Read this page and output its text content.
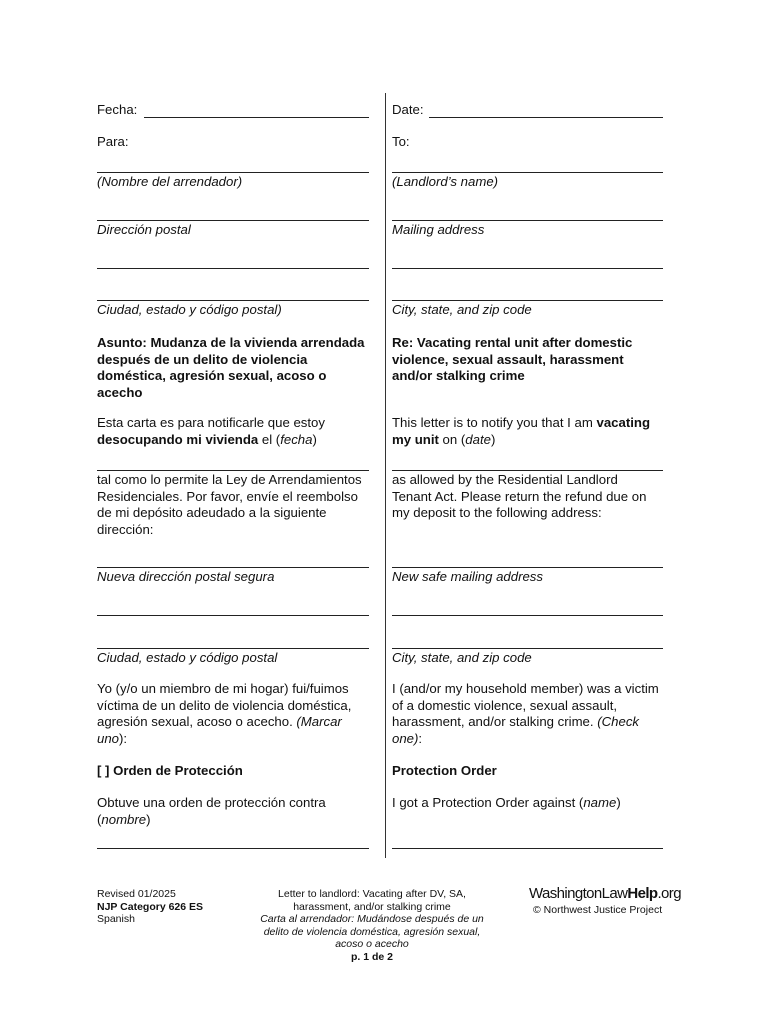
Fecha:
Para:
(Nombre del arrendador)
Dirección postal
Ciudad, estado y código postal)
Asunto: Mudanza de la vivienda arrendada
después de un delito de violencia
doméstica, agresión sexual, acoso o
acecho
Esta carta es para notificarle que estoy
desocupando mi vivienda el (fecha)
tal como lo permite la Ley de Arrendamientos
Residenciales. Por favor, envíe el reembolso
de mi depósito adeudado a la siguiente
dirección:
Nueva dirección postal segura
Ciudad, estado y código postal
Yo (y/o un miembro de mi hogar) fui/fuimos
víctima de un delito de violencia doméstica,
agresión sexual, acoso o acecho. (Marcar
uno):
[ ] Orden de Protección
Obtuve una orden de protección contra
(nombre)
Date:
To:
(Landlord’s name)
Mailing address
City, state, and zip code
Re: Vacating rental unit after domestic
violence, sexual assault, harassment
and/or stalking crime
This letter is to notify you that I am vacating
my unit on (date)
as allowed by the Residential Landlord
Tenant Act. Please return the refund due on
my deposit to the following address:
New safe mailing address
City, state, and zip code
I (and/or my household member) was a victim
of a domestic violence, sexual assault,
harassment, and/or stalking crime. (Check
one):
Protection Order
I got a Protection Order against (name)
Revised 01/2025
NJP Category 626 ES
Spanish
Letter to landlord: Vacating after DV, SA,
harassment, and/or stalking crime
Carta al arrendador: Mudándose después de un
delito de violencia doméstica, agresión sexual,
acoso o acecho
p. 1 de 2
WashingtonLawHelp.org
© Northwest Justice Project
